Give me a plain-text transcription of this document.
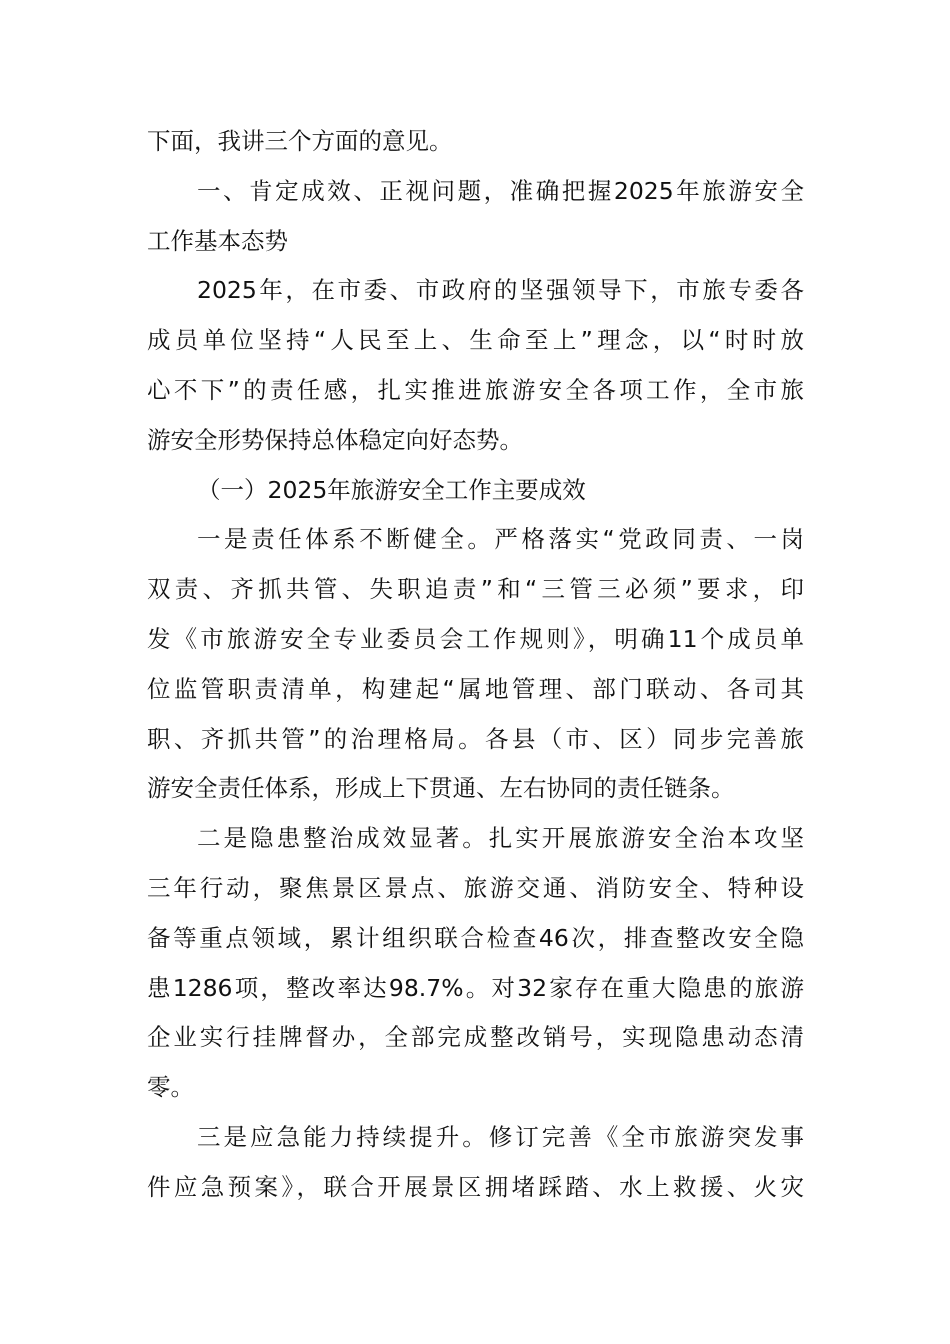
下面，我讲三个方面的意见。
一、肯定成效、正视问题，准确把握2025年旅游安全
工作基本态势
2025年，在市委、市政府的坚强领导下，市旅专委各
成员单位坚持“人民至上、生命至上”理念，以“时时放
心不下”的责任感，扎实推进旅游安全各项工作，全市旅
游安全形势保持总体稳定向好态势。
（一）2025年旅游安全工作主要成效
一是责任体系不断健全。严格落实“党政同责、一岗
双责、齐抓共管、失职追责”和“三管三必须”要求，印
发《市旅游安全专业委员会工作规则》，明确11个成员单
位监管职责清单，构建起“属地管理、部门联动、各司其
职、齐抓共管”的治理格局。各县（市、区）同步完善旅
游安全责任体系，形成上下贯通、左右协同的责任链条。
二是隐患整治成效显著。扎实开展旅游安全治本攻坚
三年行动，聚焦景区景点、旅游交通、消防安全、特种设
备等重点领域，累计组织联合检查46次，排查整改安全隐
患1286项，整改率达98.7%。对32家存在重大隐患的旅游
企业实行挂牌督办，全部完成整改销号，实现隐患动态清
零。
三是应急能力持续提升。修订完善《全市旅游突发事
件应急预案》，联合开展景区拥堵踩踏、水上救援、火灾
